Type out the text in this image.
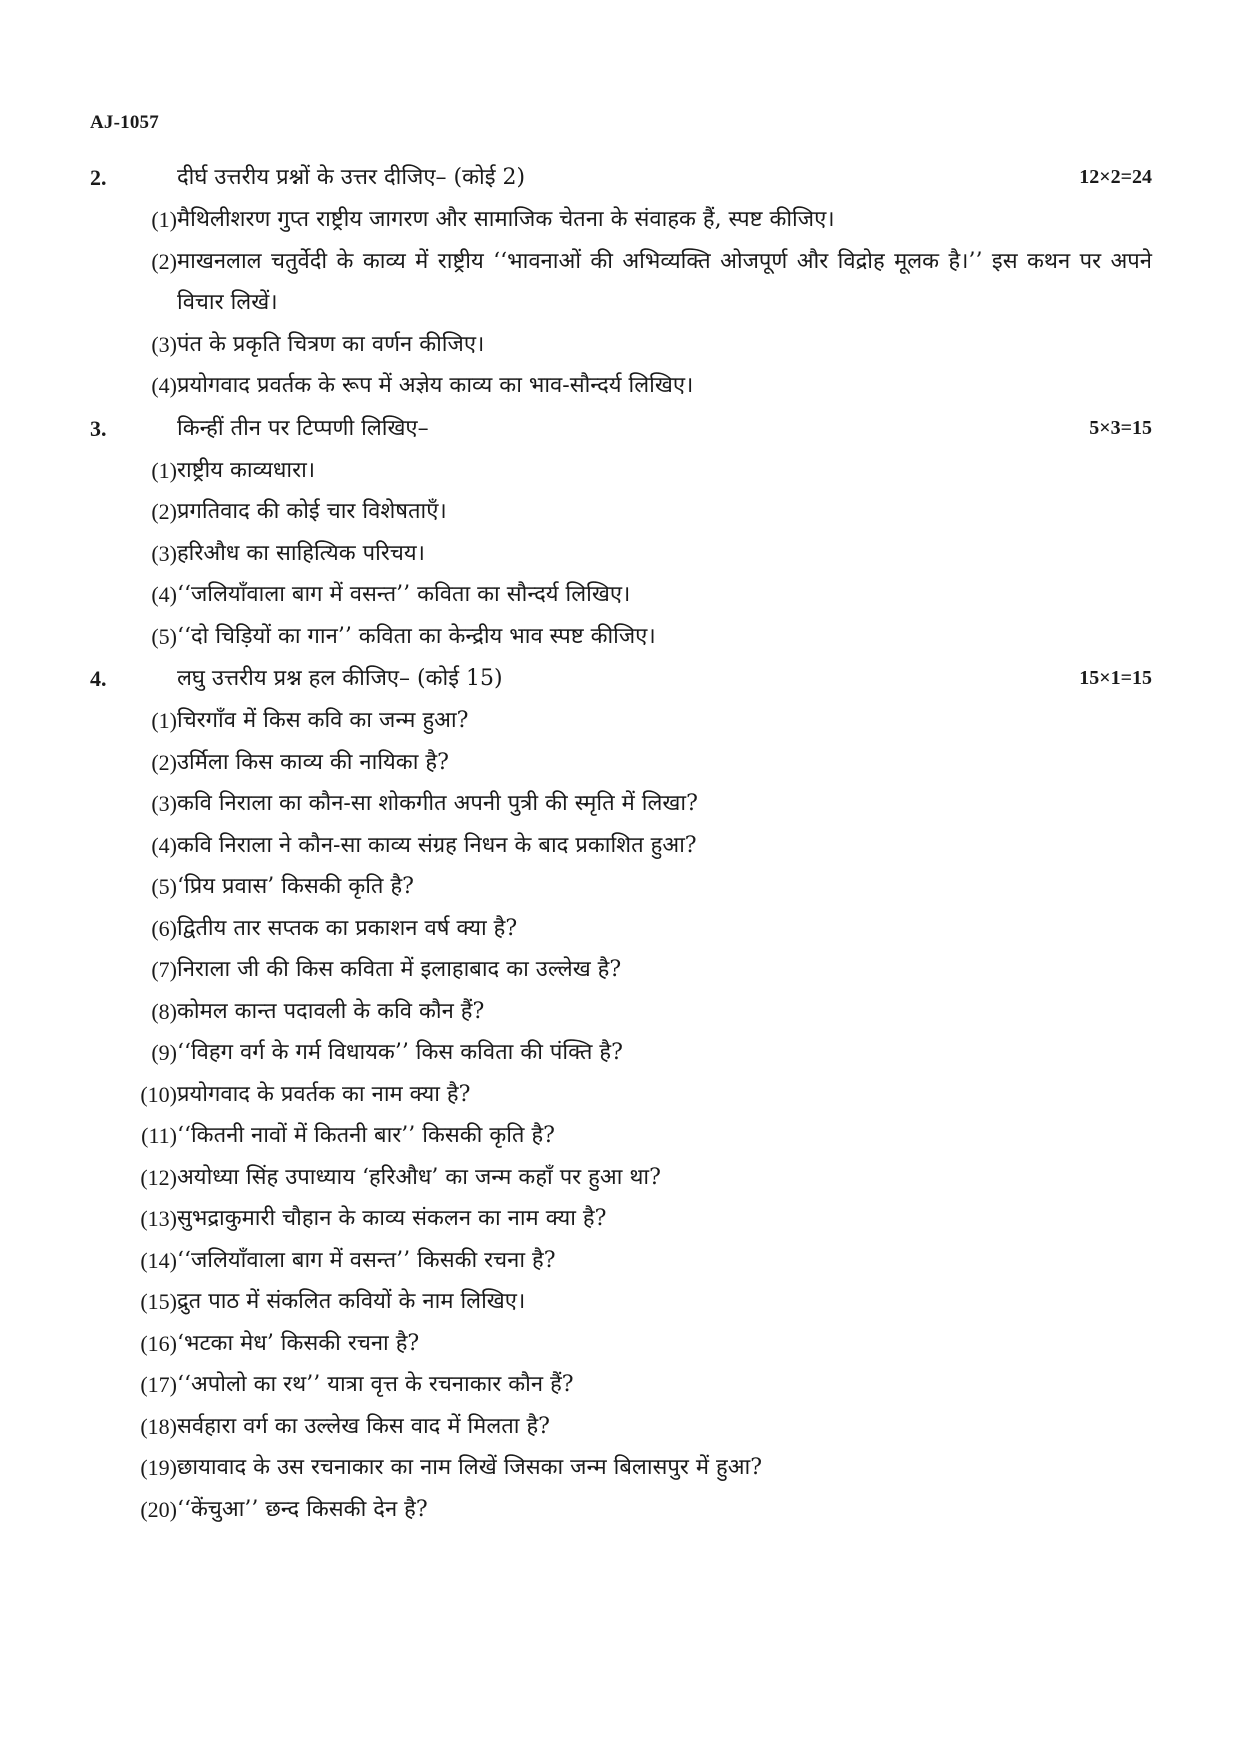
AJ-1057
2.	दीर्घ उत्तरीय प्रश्नों के उत्तर दीजिए– (कोई 2)	12×2=24
(1) मैथिलीशरण गुप्त राष्ट्रीय जागरण और सामाजिक चेतना के संवाहक हैं, स्पष्ट कीजिए।
(2) माखनलाल चतुर्वेदी के काव्य में राष्ट्रीय ‘‘भावनाओं की अभिव्यक्ति ओजपूर्ण और विद्रोह मूलक है।’’ इस कथन पर अपने विचार लिखें।
(3) पंत के प्रकृति चित्रण का वर्णन कीजिए।
(4) प्रयोगवाद प्रवर्तक के रूप में अज्ञेय काव्य का भाव-सौन्दर्य लिखिए।
3.	किन्हीं तीन पर टिप्पणी लिखिए–	5×3=15
(1) राष्ट्रीय काव्यधारा।
(2) प्रगतिवाद की कोई चार विशेषताएँ।
(3) हरिऔध का साहित्यिक परिचय।
(4) ‘‘जलियाँवाला बाग में वसन्त’’ कविता का सौन्दर्य लिखिए।
(5) ‘‘दो चिड़ियों का गान’’ कविता का केन्द्रीय भाव स्पष्ट कीजिए।
4.	लघु उत्तरीय प्रश्न हल कीजिए– (कोई 15)	15×1=15
(1) चिरगाँव में किस कवि का जन्म हुआ?
(2) उर्मिला किस काव्य की नायिका है?
(3) कवि निराला का कौन-सा शोकगीत अपनी पुत्री की स्मृति में लिखा?
(4) कवि निराला ने कौन-सा काव्य संग्रह निधन के बाद प्रकाशित हुआ?
(5) ‘प्रिय प्रवास’ किसकी कृति है?
(6) द्वितीय तार सप्तक का प्रकाशन वर्ष क्या है?
(7) निराला जी की किस कविता में इलाहाबाद का उल्लेख है?
(8) कोमल कान्त पदावली के कवि कौन हैं?
(9) ‘‘विहग वर्ग के गर्म विधायक’’ किस कविता की पंक्ति है?
(10) प्रयोगवाद के प्रवर्तक का नाम क्या है?
(11) ‘‘कितनी नावों में कितनी बार’’ किसकी कृति है?
(12) अयोध्या सिंह उपाध्याय ‘हरिऔध’ का जन्म कहाँ पर हुआ था?
(13) सुभद्राकुमारी चौहान के काव्य संकलन का नाम क्या है?
(14) ‘‘जलियाँवाला बाग में वसन्त’’ किसकी रचना है?
(15) द्रुत पाठ में संकलित कवियों के नाम लिखिए।
(16) ‘भटका मेध’ किसकी रचना है?
(17) ‘‘अपोलो का रथ’’ यात्रा वृत्त के रचनाकार कौन हैं?
(18) सर्वहारा वर्ग का उल्लेख किस वाद में मिलता है?
(19) छायावाद के उस रचनाकार का नाम लिखें जिसका जन्म बिलासपुर में हुआ?
(20) ‘‘केंचुआ’’ छन्द किसकी देन है?
